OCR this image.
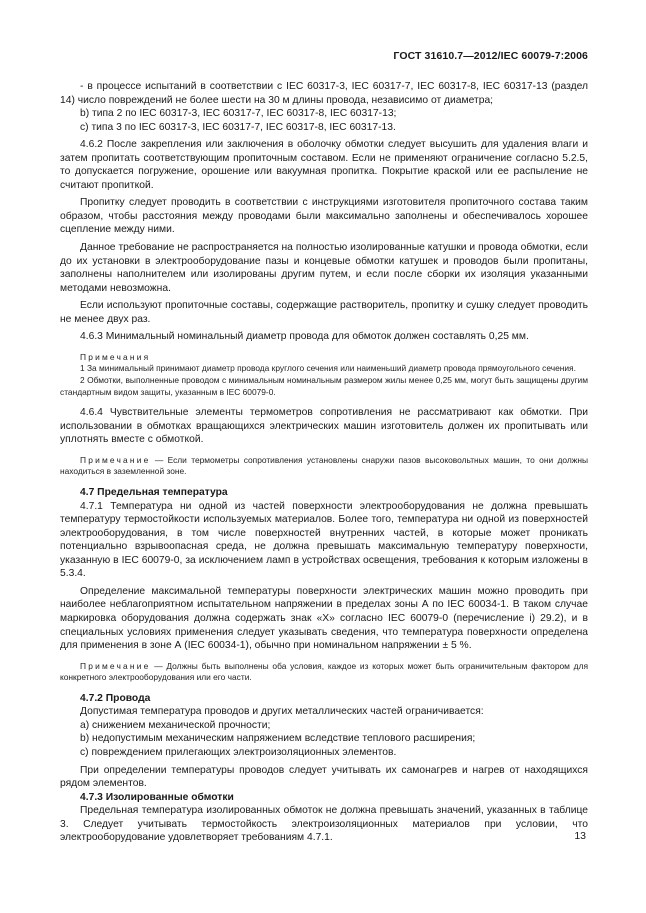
ГОСТ 31610.7—2012/IEC 60079-7:2006

- в процессе испытаний в соответствии с IEC 60317-3, IEC 60317-7, IEC 60317-8, IEC 60317-13 (раздел 14) число повреждений не более шести на 30 м длины провода, независимо от диаметра;

b) типа 2 по IEC 60317-3, IEC 60317-7, IEC 60317-8, IEC 60317-13;

с) типа 3 по IEC 60317-3, IEC 60317-7, IEC 60317-8, IEC 60317-13.

4.6.2 После закрепления или заключения в оболочку обмотки следует высушить для удаления влаги и затем пропитать соответствующим пропиточным составом. Если не применяют ограничение согласно 5.2.5, то допускается погружение, орошение или вакуумная пропитка. Покрытие краской или ее распыление не считают пропиткой.

Пропитку следует проводить в соответствии с инструкциями изготовителя пропиточного состава таким образом, чтобы расстояния между проводами были максимально заполнены и обеспечивалось хорошее сцепление между ними.

Данное требование не распространяется на полностью изолированные катушки и провода обмотки, если до их установки в электрооборудование пазы и концевые обмотки катушек и проводов были пропитаны, заполнены наполнителем или изолированы другим путем, и если после сборки их изоляция указанными методами невозможна.

Если используют пропиточные составы, содержащие растворитель, пропитку и сушку следует проводить не менее двух раз.

4.6.3 Минимальный номинальный диаметр провода для обмоток должен составлять 0,25 мм.

Примечания

1 За минимальный принимают диаметр провода круглого сечения или наименьший диаметр провода прямоугольного сечения.

2 Обмотки, выполненные проводом с минимальным номинальным размером жилы менее 0,25 мм, могут быть защищены другим стандартным видом защиты, указанным в IEC 60079-0.

4.6.4 Чувствительные элементы термометров сопротивления не рассматривают как обмотки. При использовании в обмотках вращающихся электрических машин изготовитель должен их пропитывать или уплотнять вместе с обмоткой.

Примечание — Если термометры сопротивления установлены снаружи пазов высоковольтных машин, то они должны находиться в заземленной зоне.

4.7 Предельная температура

4.7.1 Температура ни одной из частей поверхности электрооборудования не должна превышать температуру термостойкости используемых материалов. Более того, температура ни одной из поверхностей электрооборудования, в том числе поверхностей внутренних частей, в которые может проникать потенциально взрывоопасная среда, не должна превышать максимальную температуру поверхности, указанную в IEC 60079-0, за исключением ламп в устройствах освещения, требования к которым изложены в 5.3.4.

Определение максимальной температуры поверхности электрических машин можно проводить при наиболее неблагоприятном испытательном напряжении в пределах зоны А по IEC 60034-1. В таком случае маркировка оборудования должна содержать знак «Х» согласно IEC 60079-0 (перечисление i) 29.2), и в специальных условиях применения следует указывать сведения, что температура поверхности определена для применения в зоне А (IEC 60034-1), обычно при номинальном напряжении ± 5 %.

Примечание — Должны быть выполнены оба условия, каждое из которых может быть ограничительным фактором для конкретного электрооборудования или его части.

4.7.2 Провода

Допустимая температура проводов и других металлических частей ограничивается:

а) снижением механической прочности;

b) недопустимым механическим напряжением вследствие теплового расширения;

с) повреждением прилегающих электроизоляционных элементов.

При определении температуры проводов следует учитывать их самонагрев и нагрев от находящихся рядом элементов.

4.7.3 Изолированные обмотки

Предельная температура изолированных обмоток не должна превышать значений, указанных в таблице 3. Следует учитывать термостойкость электроизоляционных материалов при условии, что электрооборудование удовлетворяет требованиям 4.7.1.	13
